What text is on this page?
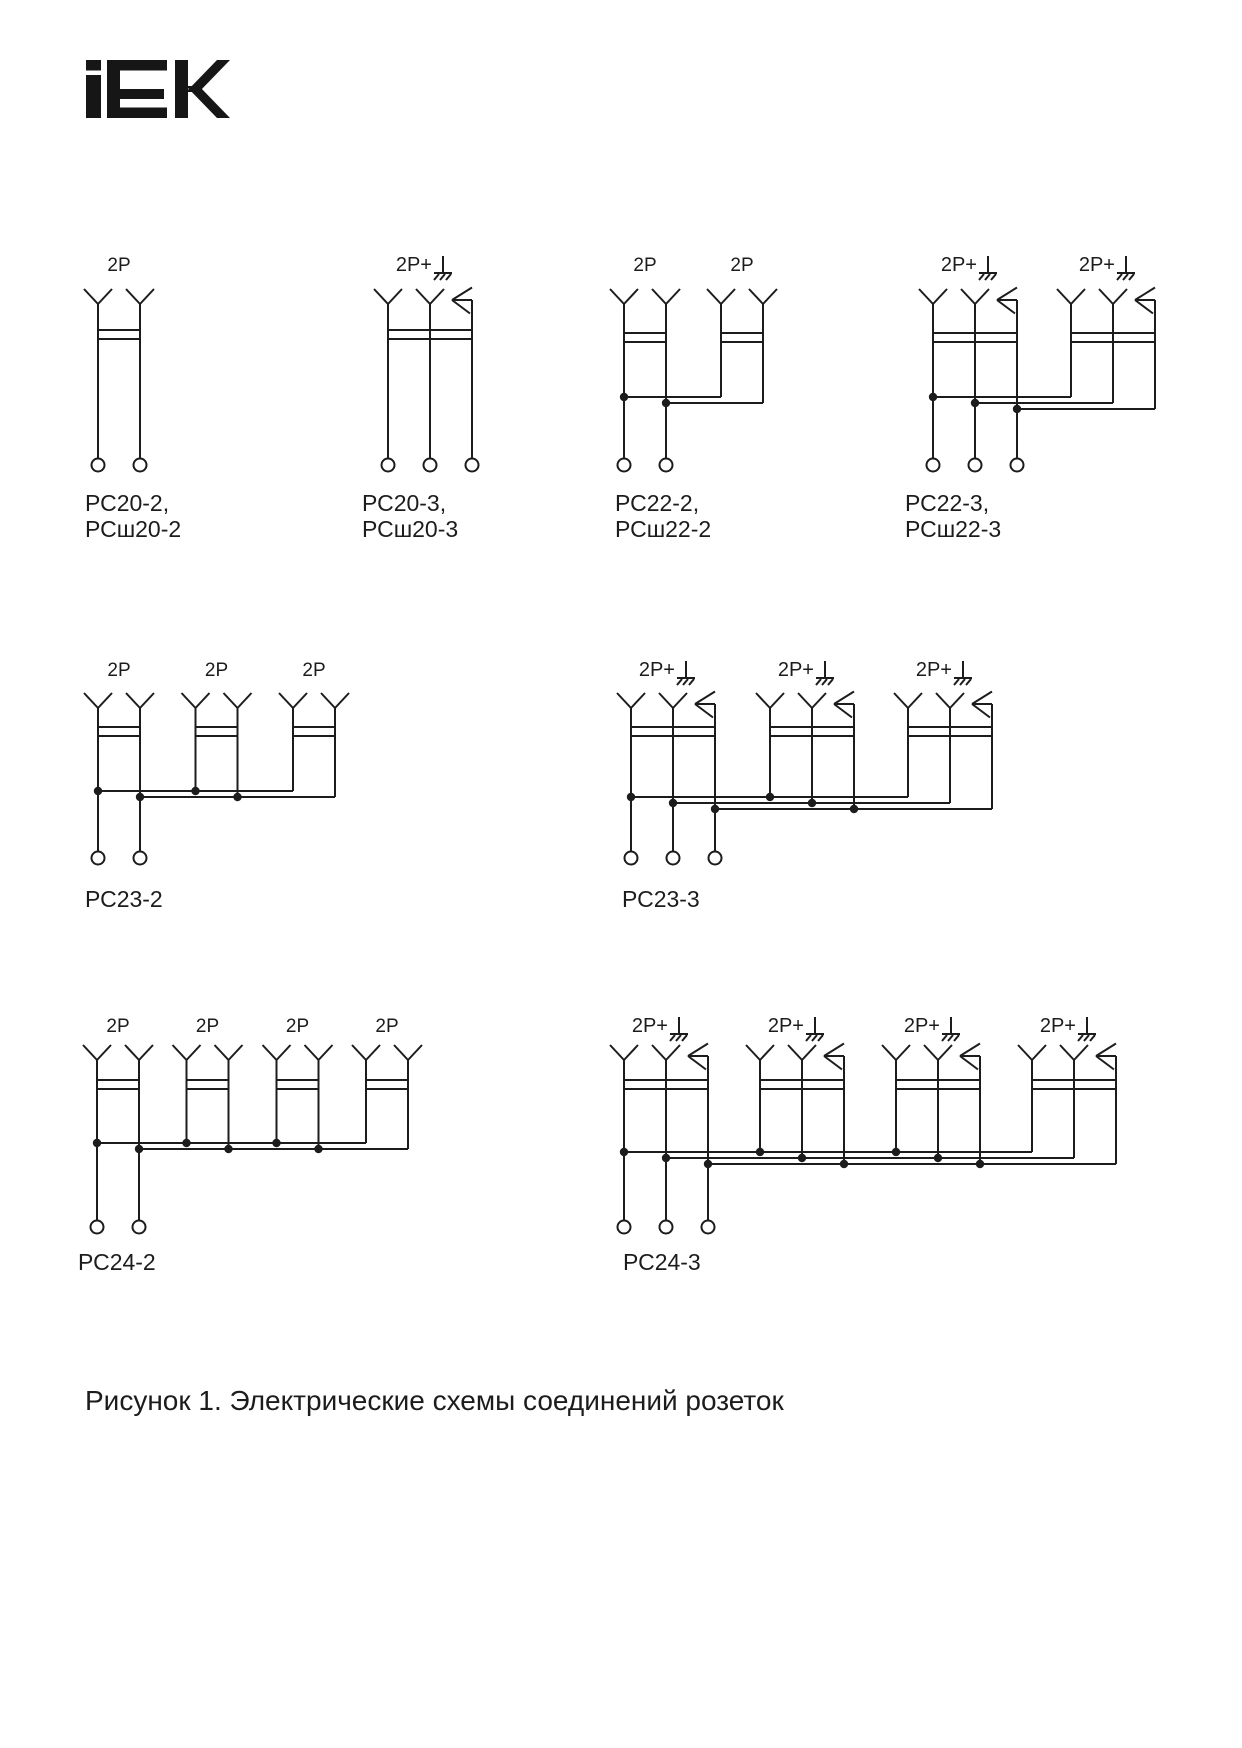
2P
РС20-2,
РСш20-2
2P+
РС20-3,
РСш20-3
2P	2P
РС22-2,
РСш22-2
2P+	2P+
РС22-3,
РСш22-3
2P	2P	2P
РС23-2
2P+	2P+	2P+
РС23-3
2P	2P	2P	2P
РС24-2
2P+	2P+	2P+	2P+
РС24-3
Рисунок 1. Электрические схемы соединений розеток
